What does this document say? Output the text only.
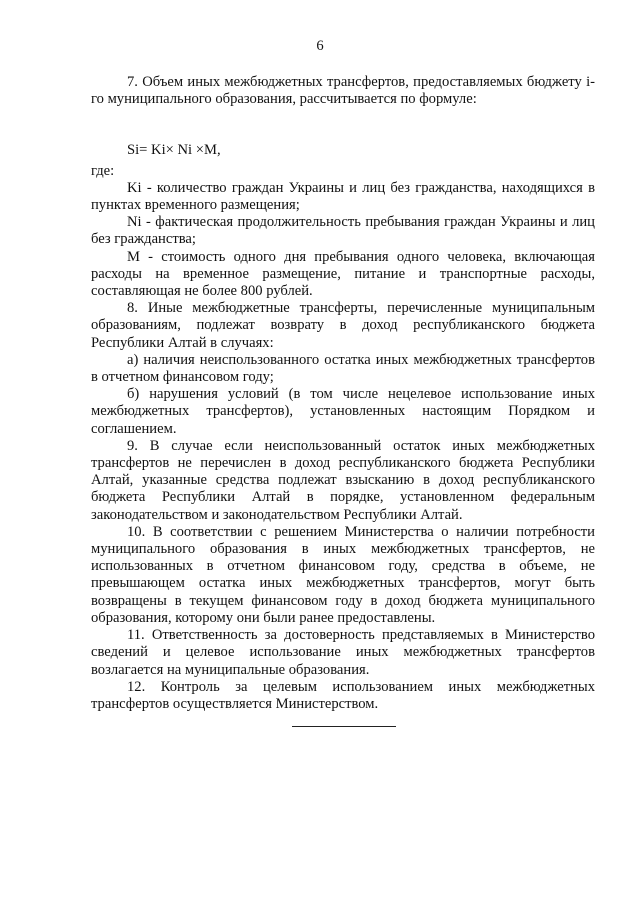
6

7. Объем иных межбюджетных трансфертов, предоставляемых бюджету i-го муниципального образования, рассчитывается по формуле:

Si= Ki× Ni ×M,

где:

Ki - количество граждан Украины и лиц без гражданства, находящихся в пунктах временного размещения;

Ni - фактическая продолжительность пребывания граждан Украины и лиц без гражданства;

M - стоимость одного дня пребывания одного человека, включающая расходы на временное размещение, питание и транспортные расходы, составляющая не более 800 рублей.

8. Иные межбюджетные трансферты, перечисленные муниципальным образованиям, подлежат возврату в доход республиканского бюджета Республики Алтай в случаях:

а) наличия неиспользованного остатка иных межбюджетных трансфертов в отчетном финансовом году;

б) нарушения условий (в том числе нецелевое использование иных межбюджетных трансфертов), установленных настоящим Порядком и соглашением.

9. В случае если неиспользованный остаток иных межбюджетных трансфертов не перечислен в доход республиканского бюджета Республики Алтай, указанные средства подлежат взысканию в доход республиканского бюджета Республики Алтай в порядке, установленном федеральным законодательством и законодательством Республики Алтай.

10. В соответствии с решением Министерства о наличии потребности муниципального образования в иных межбюджетных трансфертов, не использованных в отчетном финансовом году, средства в объеме, не превышающем остатка иных межбюджетных трансфертов, могут быть возвращены в текущем финансовом году в доход бюджета муниципального образования, которому они были ранее предоставлены.

11. Ответственность за достоверность представляемых в Министерство сведений и целевое использование иных межбюджетных трансфертов возлагается на муниципальные образования.

12. Контроль за целевым использованием иных межбюджетных трансфертов осуществляется Министерством.
